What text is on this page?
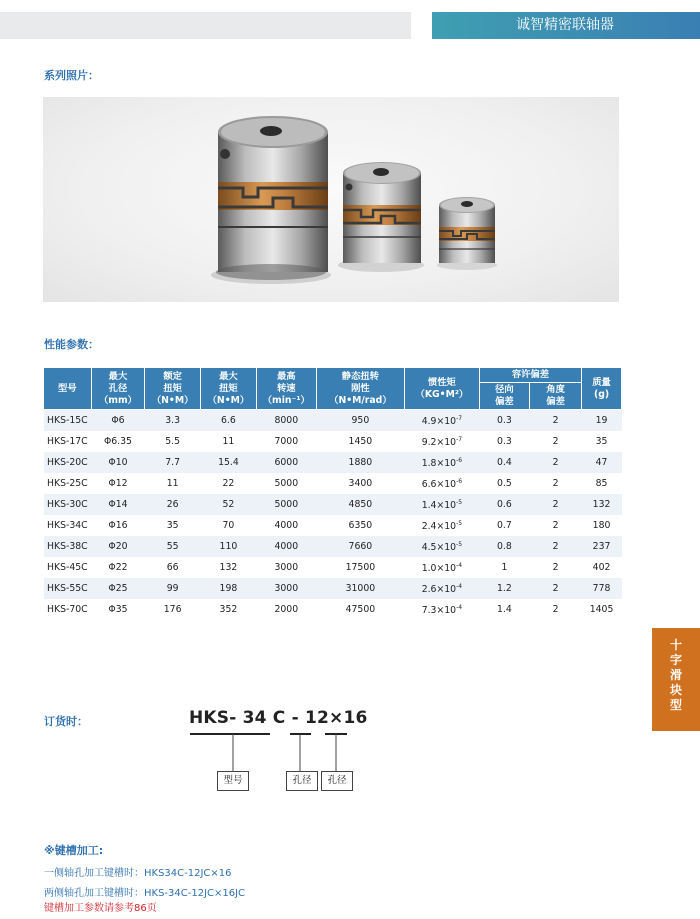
诚智精密联轴器
系列照片：
性能参数：
型号	最大
孔径
（mm）	额定
扭矩
（N•M）	最大
扭矩
（N•M）	最高
转速
（min⁻¹）	静态扭转
刚性
（N•M/rad）	惯性矩
（KG•M²）	容许偏差		质量
(g)
							径向
偏差	角度
偏差	
HKS-15C	Φ6	3.3	6.6	8000	950	$4.9\times 10^{-7}$	0.3	2	19
HKS-17C	Φ6.35	5.5	11	7000	1450	$9.2\times 10^{-7}$	0.3	2	35
HKS-20C	Φ10	7.7	15.4	6000	1880	$1.8\times 10^{-6}$	0.4	2	47
HKS-25C	Φ12	11	22	5000	3400	$6.6\times 10^{-6}$	0.5	2	85
HKS-30C	Φ14	26	52	5000	4850	$1.4\times 10^{-5}$	0.6	2	132
HKS-34C	Φ16	35	70	4000	6350	$2.4\times 10^{-5}$	0.7	2	180
HKS-38C	Φ20	55	110	4000	7660	$4.5\times 10^{-5}$	0.8	2	237
HKS-45C	Φ22	66	132	3000	17500	$1.0\times 10^{-4}$	1	2	402
HKS-55C	Φ25	99	198	3000	31000	$2.6\times 10^{-4}$	1.2	2	778
HKS-70C	Φ35	176	352	2000	47500	$7.3\times 10^{-4}$	1.4	2	1405
十
字
滑
块
型
订货时：	HKS- 34 C - 12×16
型号	孔径	孔径
※键槽加工:
一侧轴孔加工键槽时：HKS34C-12JC×16
两侧轴孔加工键槽时：HKS-34C-12JC×16JC
键槽加工参数请参考86页
